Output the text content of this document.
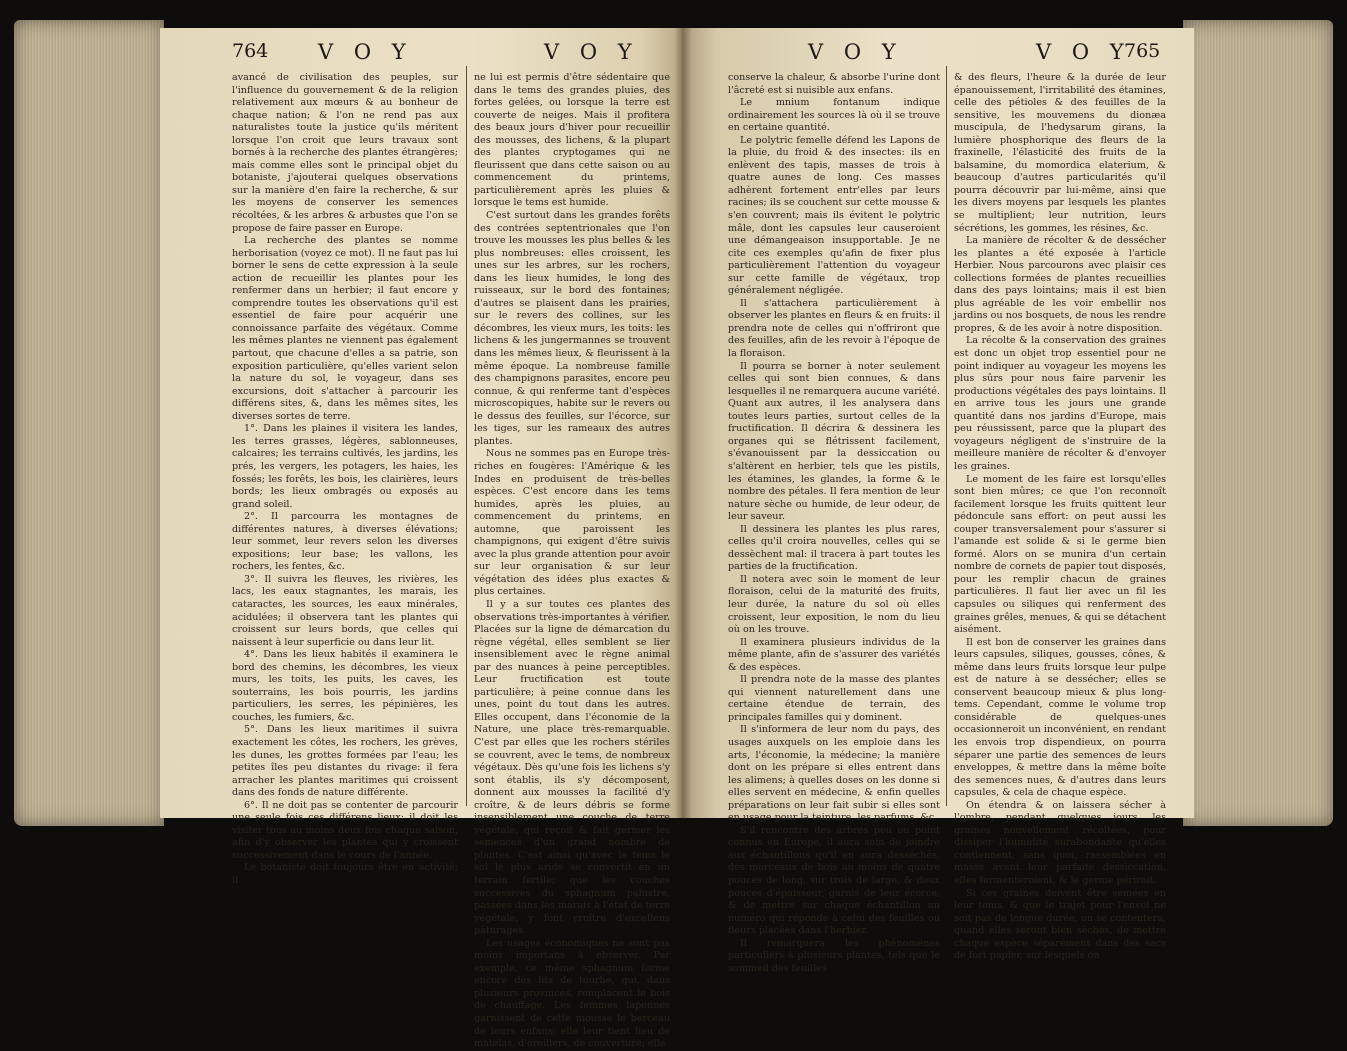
764 V O Y	V O Y	V O Y	V O Y
765

avancé de civilisation des peuples, sur l'influence du gouvernement & de la religion relativement aux mœurs & au bonheur de chaque nation; & l'on ne rend pas aux naturalistes toute la justice qu'ils méritent lorsque l'on croit que leurs travaux sont bornés à la recherche des plantes étrangères; mais comme elles sont le principal objet du botaniste, j'ajouterai quelques observations sur la manière d'en faire la recherche, & sur les moyens de conserver les semences récoltées, & les arbres & arbustes que l'on se propose de faire passer en Europe.

La recherche des plantes se nomme herborisation (voyez ce mot). Il ne faut pas lui borner le sens de cette expression à la seule action de recueillir les plantes pour les renfermer dans un herbier; il faut encore y comprendre toutes les observations qu'il est essentiel de faire pour acquérir une connoissance parfaite des végétaux. Comme les mêmes plantes ne viennent pas également partout, que chacune d'elles a sa patrie, son exposition particulière, qu'elles varient selon la nature du sol, le voyageur, dans ses excursions, doit s'attacher à parcourir les différens sites, &, dans les mêmes sites, les diverses sortes de terre.

1°. Dans les plaines il visitera les landes, les terres grasses, légères, sablonneuses, calcaires; les terrains cultivés, les jardins, les prés, les vergers, les potagers, les haies, les fossés; les forêts, les bois, les clairières, leurs bords; les lieux ombragés ou exposés au grand soleil.

2°. Il parcourra les montagnes de différentes natures, à diverses élévations; leur sommet, leur revers selon les diverses expositions; leur base; les vallons, les rochers, les fentes, &c.

3°. Il suivra les fleuves, les rivières, les lacs, les eaux stagnantes, les marais, les cataractes, les sources, les eaux minérales, acidulées; il observera tant les plantes qui croissent sur leurs bords, que celles qui naissent à leur superficie ou dans leur lit.

4°. Dans les lieux habités il examinera le bord des chemins, les décombres, les vieux murs, les toits, les puits, les caves, les souterrains, les bois pourris, les jardins particuliers, les serres, les pépinières, les couches, les fumiers, &c.

5°. Dans les lieux maritimes il suivra exactement les côtes, les rochers, les grèves, les dunes, les grottes formées par l'eau; les petites îles peu distantes du rivage: il fera arracher les plantes maritimes qui croissent dans des fonds de nature différente.

6°. Il ne doit pas se contenter de parcourir une seule fois ces différens lieux; il doit les visiter tous au moins deux fois chaque saison, afin d'y observer les plantes qui y croissent successivement dans le cours de l'année.

Le botaniste doit toujours être en activité; il

ne lui est permis d'être sédentaire que dans le tems des grandes pluies, des fortes gelées, ou lorsque la terre est couverte de neiges. Mais il profitera des beaux jours d'hiver pour recueillir des mousses, des lichens, & la plupart des plantes cryptogames qui ne fleurissent que dans cette saison ou au commencement du printems, particulièrement après les pluies & lorsque le tems est humide.

C'est surtout dans les grandes forêts des contrées septentrionales que l'on trouve les mousses les plus belles & les plus nombreuses: elles croissent, les unes sur les arbres, sur les rochers, dans les lieux humides, le long des ruisseaux, sur le bord des fontaines; d'autres se plaisent dans les prairies, sur le revers des collines, sur les décombres, les vieux murs, les toits: les lichens & les jungermannes se trouvent dans les mêmes lieux, & fleurissent à la même époque. La nombreuse famille des champignons parasites, encore peu connue, & qui renferme tant d'espèces microscopiques, habite sur le revers ou le dessus des feuilles, sur l'écorce, sur les tiges, sur les rameaux des autres plantes.

Nous ne sommes pas en Europe très-riches en fougères: l'Amérique & les Indes en produisent de très-belles espèces. C'est encore dans les tems humides, après les pluies, au commencement du printems, en automne, que paroissent les champignons, qui exigent d'être suivis avec la plus grande attention pour avoir sur leur organisation & sur leur végétation des idées plus exactes & plus certaines.

Il y a sur toutes ces plantes des observations très-importantes à vérifier. Placées sur la ligne de démarcation du règne végétal, elles semblent se lier insensiblement avec le règne animal par des nuances à peine perceptibles. Leur fructification est toute particulière; à peine connue dans les unes, point du tout dans les autres. Elles occupent, dans l'économie de la Nature, une place très-remarquable. C'est par elles que les rochers stériles se couvrent, avec le tems, de nombreux végétaux. Dès qu'une fois les lichens s'y sont établis, ils s'y décomposent, donnent aux mousses la facilité d'y croître, & de leurs débris se forme insensiblement une couche de terre végétale, qui reçoit & fait germer les semences d'un grand nombre de plantes. C'est ainsi qu'avec le tems le sol le plus aride se convertit en un terrain fertile; que les couches successives du sphagnum palustre, passées dans les marais à l'état de terre végétale, y font croître d'excellens pâturages.

Les usages économiques ne sont pas moins importans à observer. Par exemple, ce même sphagnum forme encore des lits de tourbe, qui, dans plusieurs provinces, remplacent le bois de chauffage. Les femmes laponnes garnissent de cette mousse le berceau de leurs enfans; elle leur tient lieu de matelas, d'oreillers, de couverture; elle

conserve la chaleur, & absorbe l'urine dont l'âcreté est si nuisible aux enfans.

Le mnium fontanum indique ordinairement les sources là où il se trouve en certaine quantité.

Le polytric femelle défend les Lapons de la pluie, du froid & des insectes: ils en enlèvent des tapis, masses de trois à quatre aunes de long. Ces masses adhèrent fortement entr'elles par leurs racines; ils se couchent sur cette mousse & s'en couvrent; mais ils évitent le polytric mâle, dont les capsules leur causeroient une démangeaison insupportable. Je ne cite ces exemples qu'afin de fixer plus particulièrement l'attention du voyageur sur cette famille de végétaux, trop généralement négligée.

Il s'attachera particulièrement à observer les plantes en fleurs & en fruits: il prendra note de celles qui n'offriront que des feuilles, afin de les revoir à l'époque de la floraison.

Il pourra se borner à noter seulement celles qui sont bien connues, & dans lesquelles il ne remarquera aucune variété. Quant aux autres, il les analysera dans toutes leurs parties, surtout celles de la fructification. Il décrira & dessinera les organes qui se flétrissent facilement, s'évanouissent par la dessiccation ou s'altèrent en herbier, tels que les pistils, les étamines, les glandes, la forme & le nombre des pétales. Il fera mention de leur nature sèche ou humide, de leur odeur, de leur saveur.

Il dessinera les plantes les plus rares, celles qu'il croira nouvelles, celles qui se dessèchent mal: il tracera à part toutes les parties de la fructification.

Il notera avec soin le moment de leur floraison, celui de la maturité des fruits, leur durée, la nature du sol où elles croissent, leur exposition, le nom du lieu où on les trouve.

Il examinera plusieurs individus de la même plante, afin de s'assurer des variétés & des espèces.

Il prendra note de la masse des plantes qui viennent naturellement dans une certaine étendue de terrain, des principales familles qui y dominent.

Il s'informera de leur nom du pays, des usages auxquels on les emploie dans les arts, l'économie, la médecine; la manière dont on les prépare si elles entrent dans les alimens; à quelles doses on les donne si elles servent en médecine, & enfin quelles préparations on leur fait subir si elles sont en usage pour la teinture, les parfums, &c.

S'il rencontre des arbres peu ou point connus en Europe, il aura soin de joindre aux échantillons qu'il en aura desséchés, des morceaux de bois au moins de quatre pouces de long, sur trois de large, & deux pouces d'épaisseur, garnis de leur écorce, & de mettre sur chaque échantillon un numéro qui réponde à celui des feuilles ou fleurs placées dans l'herbier.

Il remarquera les phénomènes particuliers à plusieurs plantes, tels que le sommeil des feuilles

& des fleurs, l'heure & la durée de leur épanouissement, l'irritabilité des étamines, celle des pétioles & des feuilles de la sensitive, les mouvemens du dionæa muscipula, de l'hedysarum girans, la lumière phosphorique des fleurs de la fraxinelle, l'élasticité des fruits de la balsamine, du momordica elaterium, & beaucoup d'autres particularités qu'il pourra découvrir par lui-même, ainsi que les divers moyens par lesquels les plantes se multiplient; leur nutrition, leurs sécrétions, les gommes, les résines, &c.

La manière de récolter & de dessécher les plantes a été exposée à l'article Herbier. Nous parcourons avec plaisir ces collections formées de plantes recueillies dans des pays lointains; mais il est bien plus agréable de les voir embellir nos jardins ou nos bosquets, de nous les rendre propres, & de les avoir à notre disposition.

La récolte & la conservation des graines est donc un objet trop essentiel pour ne point indiquer au voyageur les moyens les plus sûrs pour nous faire parvenir les productions végétales des pays lointains. Il en arrive tous les jours une grande quantité dans nos jardins d'Europe, mais peu réussissent, parce que la plupart des voyageurs négligent de s'instruire de la meilleure manière de récolter & d'envoyer les graines.

Le moment de les faire est lorsqu'elles sont bien mûres; ce que l'on reconnoît facilement lorsque les fruits quittent leur pédoncule sans effort: on peut aussi les couper transversalement pour s'assurer si l'amande est solide & si le germe bien formé. Alors on se munira d'un certain nombre de cornets de papier tout disposés, pour les remplir chacun de graines particulières. Il faut lier avec un fil les capsules ou siliques qui renferment des graines grêles, menues, & qui se détachent aisément.

Il est bon de conserver les graines dans leurs capsules, siliques, gousses, cônes, & même dans leurs fruits lorsque leur pulpe est de nature à se dessécher; elles se conservent beaucoup mieux & plus long-tems. Cependant, comme le volume trop considérable de quelques-unes occasionneroit un inconvénient, en rendant les envois trop dispendieux, on pourra séparer une partie des semences de leurs enveloppes, & mettre dans la même boîte des semences nues, & d'autres dans leurs capsules, & cela de chaque espèce.

On étendra & on laissera sécher à l'ombre, pendant quelques jours, les graines nouvellement récoltées, pour dissiper l'humidité surabondante qu'elles contiennent, sans quoi, rassemblées en masse avant leur parfaite dessiccation, elles fermenteroient, & le germe périroit.

Si ces graines doivent être semées en leur tems, & que le trajet pour l'envoi ne soit pas de longue durée, on se contentera, quand elles seront bien sèches, de mettre chaque espèce séparément dans des sacs de fort papier, sur lesquels on
